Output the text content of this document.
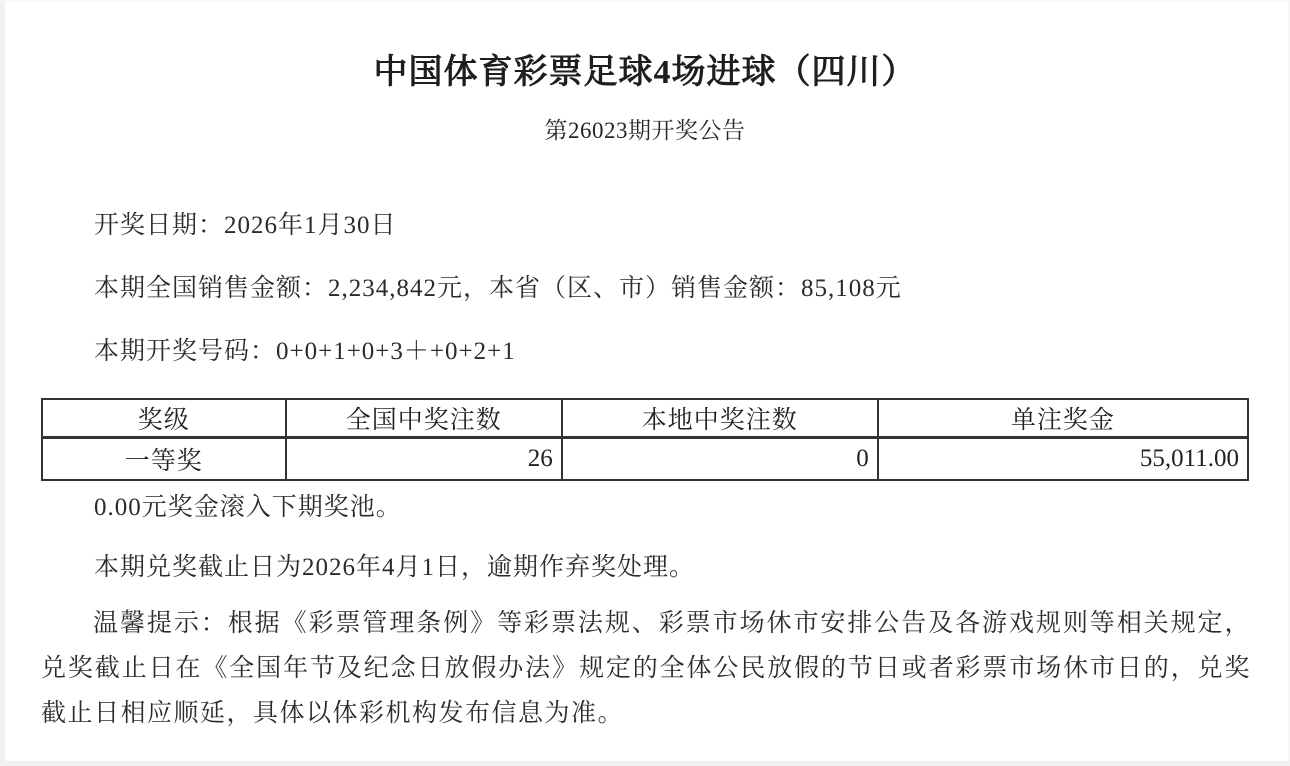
中国体育彩票足球4场进球（四川）
第26023期开奖公告
开奖日期：2026年1月30日
本期全国销售金额：2,234,842元，本省（区、市）销售金额：85,108元
本期开奖号码：0+0+1+0+3＋+0+2+1
奖级	全国中奖注数	本地中奖注数	单注奖金
一等奖	26	0	55,011.00
0.00元奖金滚入下期奖池。
本期兑奖截止日为2026年4月1日，逾期作弃奖处理。
温馨提示：根据《彩票管理条例》等彩票法规、彩票市场休市安排公告及各游戏规则等相关规定，兑奖截止日在《全国年节及纪念日放假办法》规定的全体公民放假的节日或者彩票市场休市日的，兑奖截止日相应顺延，具体以体彩机构发布信息为准。
